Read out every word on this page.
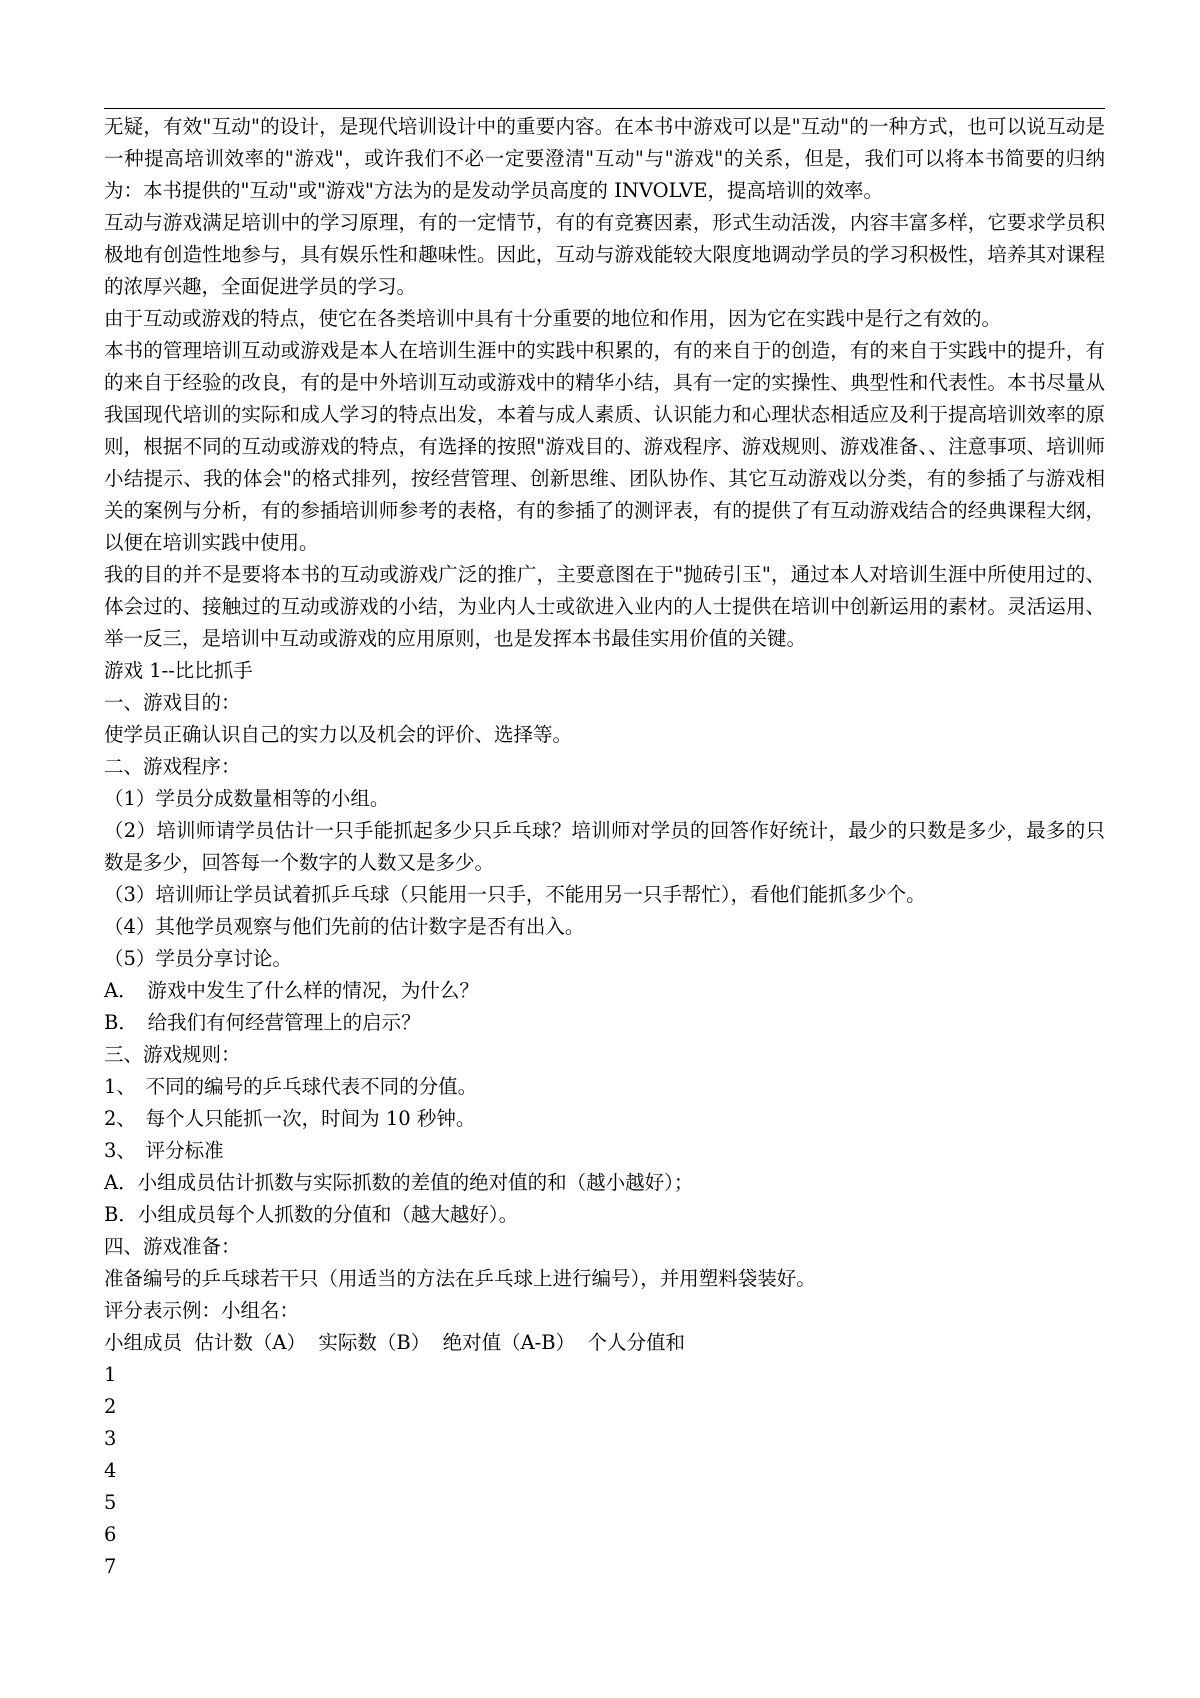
无疑，有效"互动"的设计，是现代培训设计中的重要内容。在本书中游戏可以是"互动"的一种方式，也可以说互动是一种提高培训效率的"游戏"，或许我们不必一定要澄清"互动"与"游戏"的关系，但是，我们可以将本书简要的归纳为：本书提供的"互动"或"游戏"方法为的是发动学员高度的 INVOLVE，提高培训的效率。

互动与游戏满足培训中的学习原理，有的一定情节，有的有竞赛因素，形式生动活泼，内容丰富多样，它要求学员积极地有创造性地参与，具有娱乐性和趣味性。因此，互动与游戏能较大限度地调动学员的学习积极性，培养其对课程的浓厚兴趣，全面促进学员的学习。

由于互动或游戏的特点，使它在各类培训中具有十分重要的地位和作用，因为它在实践中是行之有效的。

本书的管理培训互动或游戏是本人在培训生涯中的实践中积累的，有的来自于的创造，有的来自于实践中的提升，有的来自于经验的改良，有的是中外培训互动或游戏中的精华小结，具有一定的实操性、典型性和代表性。本书尽量从我国现代培训的实际和成人学习的特点出发，本着与成人素质、认识能力和心理状态相适应及利于提高培训效率的原则，根据不同的互动或游戏的特点，有选择的按照"游戏目的、游戏程序、游戏规则、游戏准备、、注意事项、培训师小结提示、我的体会"的格式排列，按经营管理、创新思维、团队协作、其它互动游戏以分类，有的参插了与游戏相关的案例与分析，有的参插培训师参考的表格，有的参插了的测评表，有的提供了有互动游戏结合的经典课程大纲，以便在培训实践中使用。

我的目的并不是要将本书的互动或游戏广泛的推广，主要意图在于"抛砖引玉"，通过本人对培训生涯中所使用过的、体会过的、接触过的互动或游戏的小结，为业内人士或欲进入业内的人士提供在培训中创新运用的素材。灵活运用、举一反三，是培训中互动或游戏的应用原则，也是发挥本书最佳实用价值的关键。

游戏 1--比比抓手

一、游戏目的：

使学员正确认识自己的实力以及机会的评价、选择等。

二、游戏程序：

（1）学员分成数量相等的小组。

（2）培训师请学员估计一只手能抓起多少只乒乓球？培训师对学员的回答作好统计，最少的只数是多少，最多的只数是多少，回答每一个数字的人数又是多少。

（3）培训师让学员试着抓乒乓球（只能用一只手，不能用另一只手帮忙），看他们能抓多少个。

（4）其他学员观察与他们先前的估计数字是否有出入。

（5）学员分享讨论。

A．　游戏中发生了什么样的情况，为什么？

B．　给我们有何经营管理上的启示？

三、游戏规则：

1、　不同的编号的乒乓球代表不同的分值。

2、　每个人只能抓一次，时间为 10 秒钟。

3、　评分标准

A．小组成员估计抓数与实际抓数的差值的绝对值的和（越小越好）；

B．小组成员每个人抓数的分值和（越大越好）。

四、游戏准备：

准备编号的乒乓球若干只（用适当的方法在乒乓球上进行编号），并用塑料袋装好。

评分表示例：小组名：

小组成员  估计数（A）  实际数（B）  绝对值（A-B）  个人分值和

1

2

3

4

5

6

7
